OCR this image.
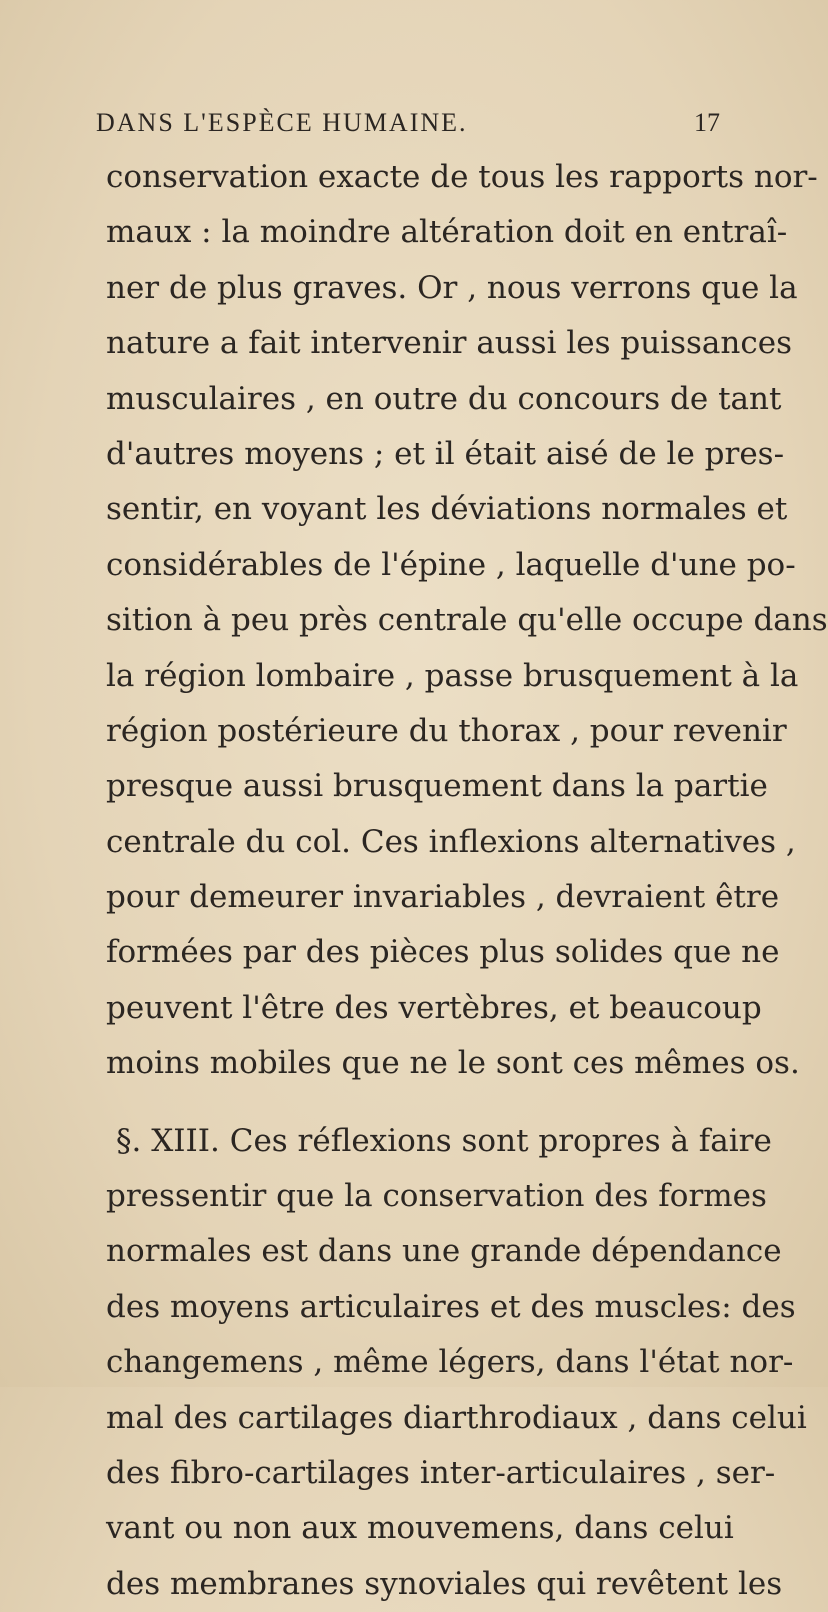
DANS L'ESPÈCE HUMAINE.	17
conservation exacte de tous les rapports nor-
maux : la moindre altération doit en entraî-
ner de plus graves. Or , nous verrons que la
nature a fait intervenir aussi les puissances
musculaires , en outre du concours de tant
d'autres moyens ; et il était aisé de le pres-
sentir, en voyant les déviations normales et
considérables de l'épine , laquelle d'une po-
sition à peu près centrale qu'elle occupe dans
la région lombaire , passe brusquement à la
région postérieure du thorax , pour revenir
presque aussi brusquement dans la partie
centrale du col. Ces inflexions alternatives ,
pour demeurer invariables , devraient être
formées par des pièces plus solides que ne
peuvent l'être des vertèbres, et beaucoup
moins mobiles que ne le sont ces mêmes os.
§. XIII. Ces réflexions sont propres à faire
pressentir que la conservation des formes
normales est dans une grande dépendance
des moyens articulaires et des muscles: des
changemens , même légers, dans l'état nor-
mal des cartilages diarthrodiaux , dans celui
des fibro-cartilages inter-articulaires , ser-
vant ou non aux mouvemens, dans celui
des membranes synoviales qui revêtent les
